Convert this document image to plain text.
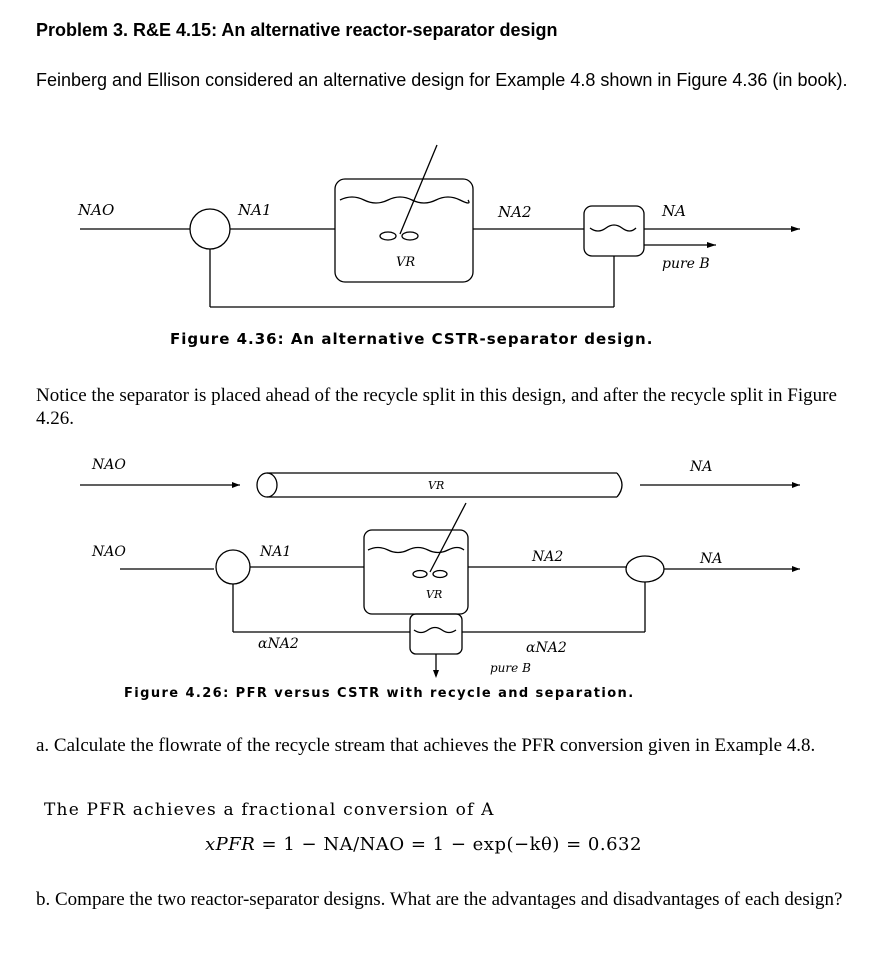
Problem 3. R&E 4.15: An alternative reactor-separator design
Feinberg and Ellison considered an alternative design for Example 4.8 shown in Figure 4.36 (in book).
NAO	NA1	NA2	NA
VR	pure B
Figure 4.36: An alternative CSTR-separator design.
Notice the separator is placed ahead of the recycle split in this design, and after the recycle split in Figure 4.26.
NAO	NA
VR
NAO	NA1	NA2	NA
VR
αNA2	αNA2
pure B
Figure 4.26: PFR versus CSTR with recycle and separation.
a. Calculate the flowrate of the recycle stream that achieves the PFR conversion given in Example 4.8.
The PFR achieves a fractional conversion of A
xPFR = 1 − NA/NAO = 1 − exp(−kθ) = 0.632
b. Compare the two reactor-separator designs. What are the advantages and disadvantages of each design?
